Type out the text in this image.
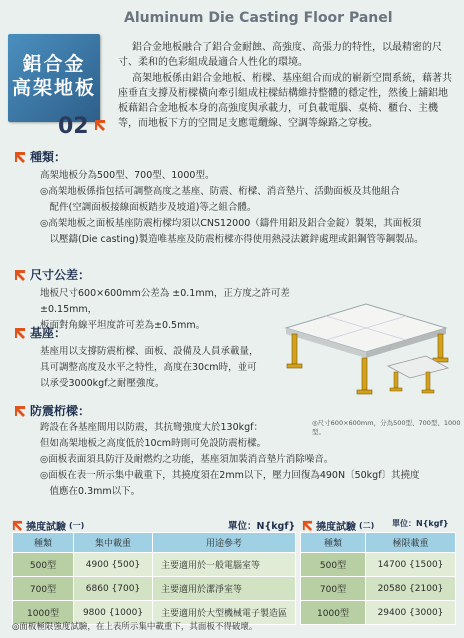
Aluminum Die Casting Floor Panel
鋁合金
高架地板
02

鋁合金地板融合了鋁合金耐蝕、高強度、高張力的特性，以最精密的尺寸、柔和的色彩組成最適合人性化的環境。

高架地板係由鋁合金地板、桁樑、基座組合而成的嶄新空間系統，藉著共座垂直支撐及桁樑橫向牽引組成柱樑結構維持整體的穩定性，然後上舖鋁地板藉鋁合金地板本身的高強度與承載力，可負載電腦、桌椅、櫃台、主機等，而地板下方的空間足支應電纜線、空調等線路之穿梭。

種類：

高架地板分為500型、700型、1000型。

◎高架地板係指包括可調整高度之基座、防震、桁樑、消音墊片、活動面板及其他組合

　配件(空調面板接線面板踏步及坡道)等之組合體。

◎高架地板之面板基座防震桁樑均須以CNS12000（鑄件用鋁及鋁合金錠）製架，其面板須

　以壓鑄(Die casting)製造唯基座及防震桁樑亦得使用熱浸法鍍鋅處理或鋁鋼管等鋼製品。

尺寸公差：

地板尺寸600×600mm公差為 ±0.1mm，正方度之許可差 ±0.15mm，

板面對角線平坦度許可差為±0.5mm。

基座：

基座用以支撐防震桁樑、面板、設備及人員承載量，

具可調整高度及水平之特性，高度在30cm時，並可

以承受3000kgf之耐壓強度。

◎尺寸600×600mm，分為500型、700型、1000型。
防震桁樑：

跨設在各基座間用以防震，其抗彎強度大於130kgf：

但如高架地板之高度低於10cm時則可免設防震桁樑。

◎面板表面須具防汙及耐燃灼之功能，基座須加裝消音墊片消除噪音。

◎面板在表一所示集中載重下，其撓度須在2mm以下，壓力回復為490N〔50kgf〕其撓度

　值應在0.3mm以下。

撓度試驗 (一)	單位：N{kgf}
種類	集中載重	用途參考
500型	4900 {500}	主要適用於一般電腦室等
700型	6860 {700}	主要適用於潔淨室等
1000型	9800 {1000}	主要適用於大型機械電子製造區
撓度試驗 (二) 單位：N{kgf}
種類	極限載重
500型	14700 {1500}
700型	20580 {2100}
1000型	29400 {3000}
◎面板極限強度試驗，在上表所示集中載重下，其面板不得破壞。
